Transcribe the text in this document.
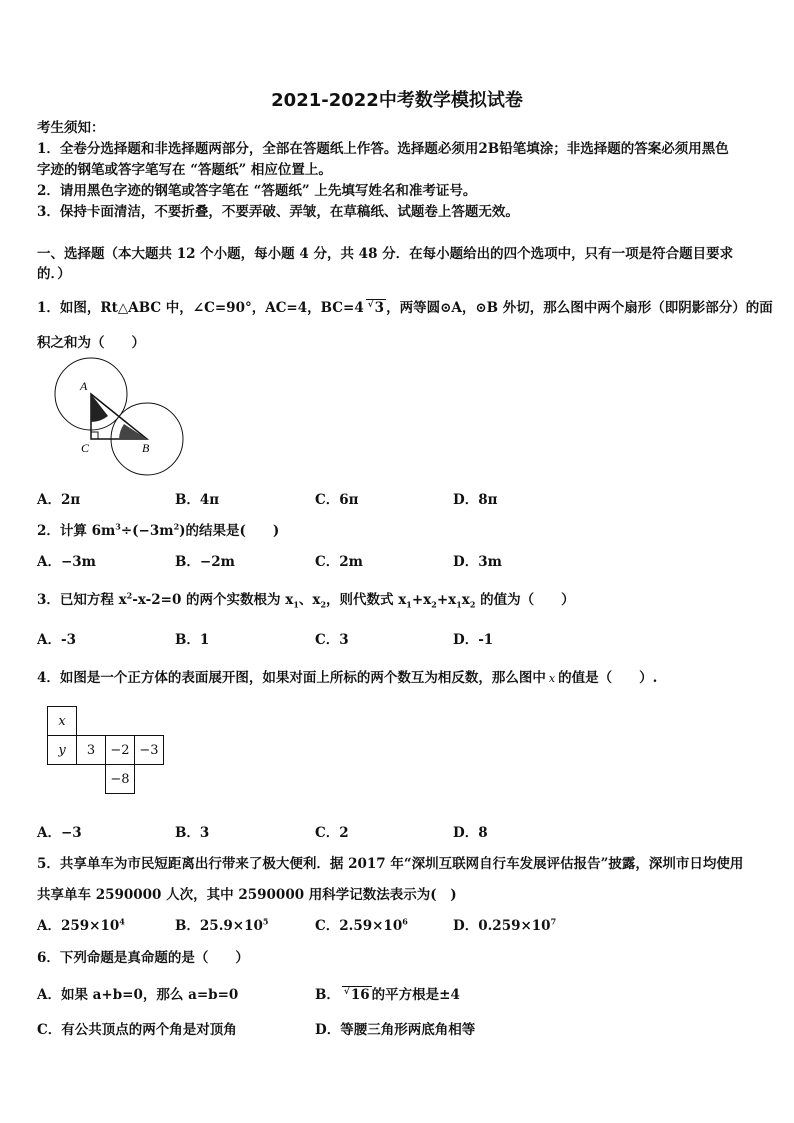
2021-2022中考数学模拟试卷
考生须知：
1．全卷分选择题和非选择题两部分，全部在答题纸上作答。选择题必须用2B铅笔填涂；非选择题的答案必须用黑色
字迹的钢笔或答字笔写在 “答题纸” 相应位置上。
2．请用黑色字迹的钢笔或答字笔在 “答题纸” 上先填写姓名和准考证号。
3．保持卡面清洁，不要折叠，不要弄破、弄皱，在草稿纸、试题卷上答题无效。
一、选择题（本大题共 12 个小题，每小题 4 分，共 48 分．在每小题给出的四个选项中，只有一项是符合题目要求
的．）
1．如图，Rt△ABC 中，∠C=90°，AC=4，BC=4 √3 ，两等圆⊙A，⊙B 外切，那么图中两个扇形（即阴影部分）的面
积之和为（　　）
A
C	B
A．2π	B．4π	C．6π	D．8π
2．计算 $6m^3\div(-3m^2)$的结果是(　　)
A．−3m	B．−2m	C．2m	D．3m
3．已知方程 $x^2-x-2=0$ 的两个实数根为 $x_1$、$x_2$，则代数式 $x_1+x_2+x_1x_2$ 的值为（　　）
A．-3	B．1	C．3	D．-1
4．如图是一个正方体的表面展开图，如果对面上所标的两个数互为相反数，那么图中 x 的值是（　　）.
x			
y	3	−2	−3
		−8	
A．−3	B．3	C．2	D．8
5．共享单车为市民短距离出行带来了极大便利．据 2017 年“深圳互联网自行车发展评估报告”披露，深圳市日均使用
共享单车 2590000 人次，其中 2590000 用科学记数法表示为(　)
A．$259\times 10^4$	B．$25.9\times 10^5$	C．$2.59\times 10^6$	D．$0.259\times 10^7$
6．下列命题是真命题的是（　　）
A．如果 a+b=0，那么 a=b=0	B． √16 的平方根是±4
C．有公共顶点的两个角是对顶角	D．等腰三角形两底角相等
